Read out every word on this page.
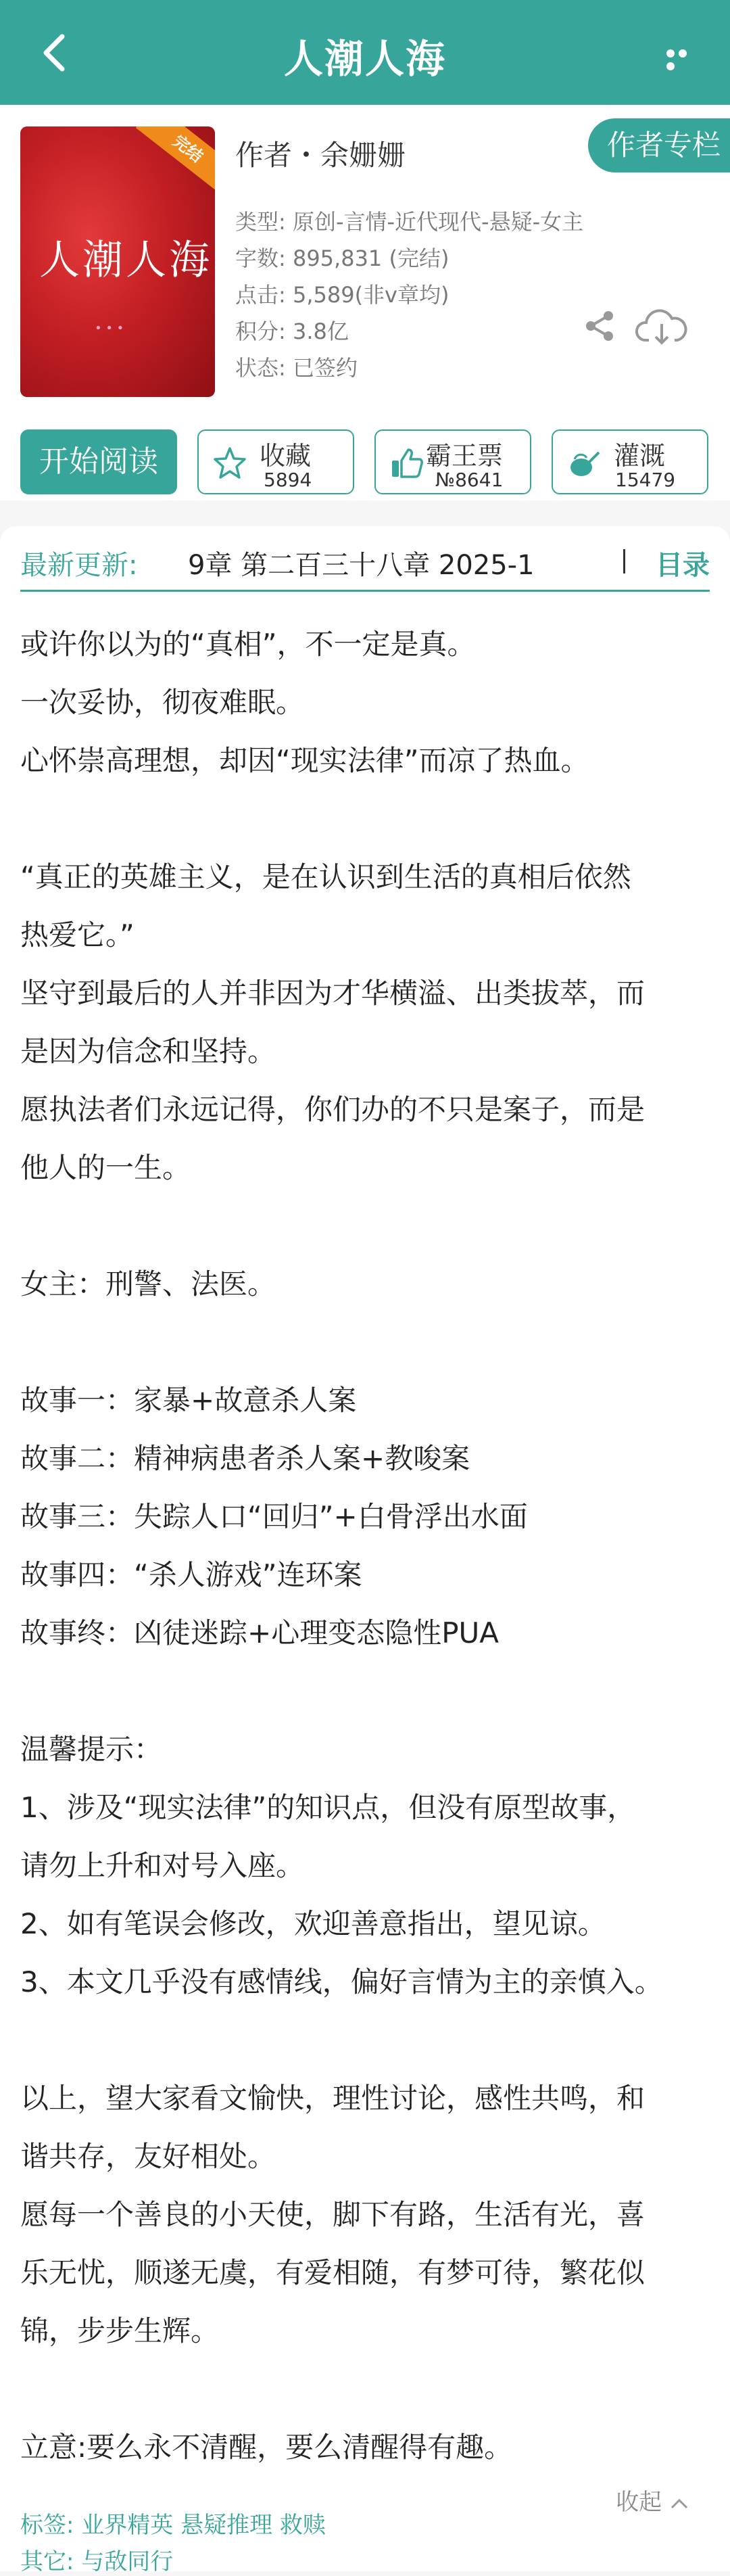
人潮人海
人潮人海
• • •
完结	作者・余姗姗	作者专栏
类型: 原创-言情-近代现代-悬疑-女主
字数: 895,831 (完结)
点击: 5,589(非v章均)
积分: 3.8亿
状态: 已签约
开始阅读	收藏
5894
霸王票
№8641
灌溉
15479
最新更新: 9章 第二百三十八章 2025-1	目录

或许你以为的“真相”，不一定是真。

一次妥协，彻夜难眠。

心怀崇高理想，却因“现实法律”而凉了热血。

“真正的英雄主义，是在认识到生活的真相后依然

热爱它。”

坚守到最后的人并非因为才华横溢、出类拔萃，而

是因为信念和坚持。

愿执法者们永远记得，你们办的不只是案子，而是

他人的一生。

女主：刑警、法医。

故事一：家暴+故意杀人案

故事二：精神病患者杀人案+教唆案

故事三：失踪人口“回归”+白骨浮出水面

故事四：“杀人游戏”连环案

故事终：凶徒迷踪+心理变态隐性PUA

温馨提示：

1、涉及“现实法律”的知识点，但没有原型故事，

请勿上升和对号入座。

2、如有笔误会修改，欢迎善意指出，望见谅。

3、本文几乎没有感情线，偏好言情为主的亲慎入。

以上，望大家看文愉快，理性讨论，感性共鸣，和

谐共存，友好相处。

愿每一个善良的小天使，脚下有路，生活有光，喜

乐无忧，顺遂无虞，有爱相随，有梦可待，繁花似

锦，步步生辉。

立意:要么永不清醒，要么清醒得有趣。

收起
标签: 业界精英 悬疑推理 救赎
其它: 与敌同行
